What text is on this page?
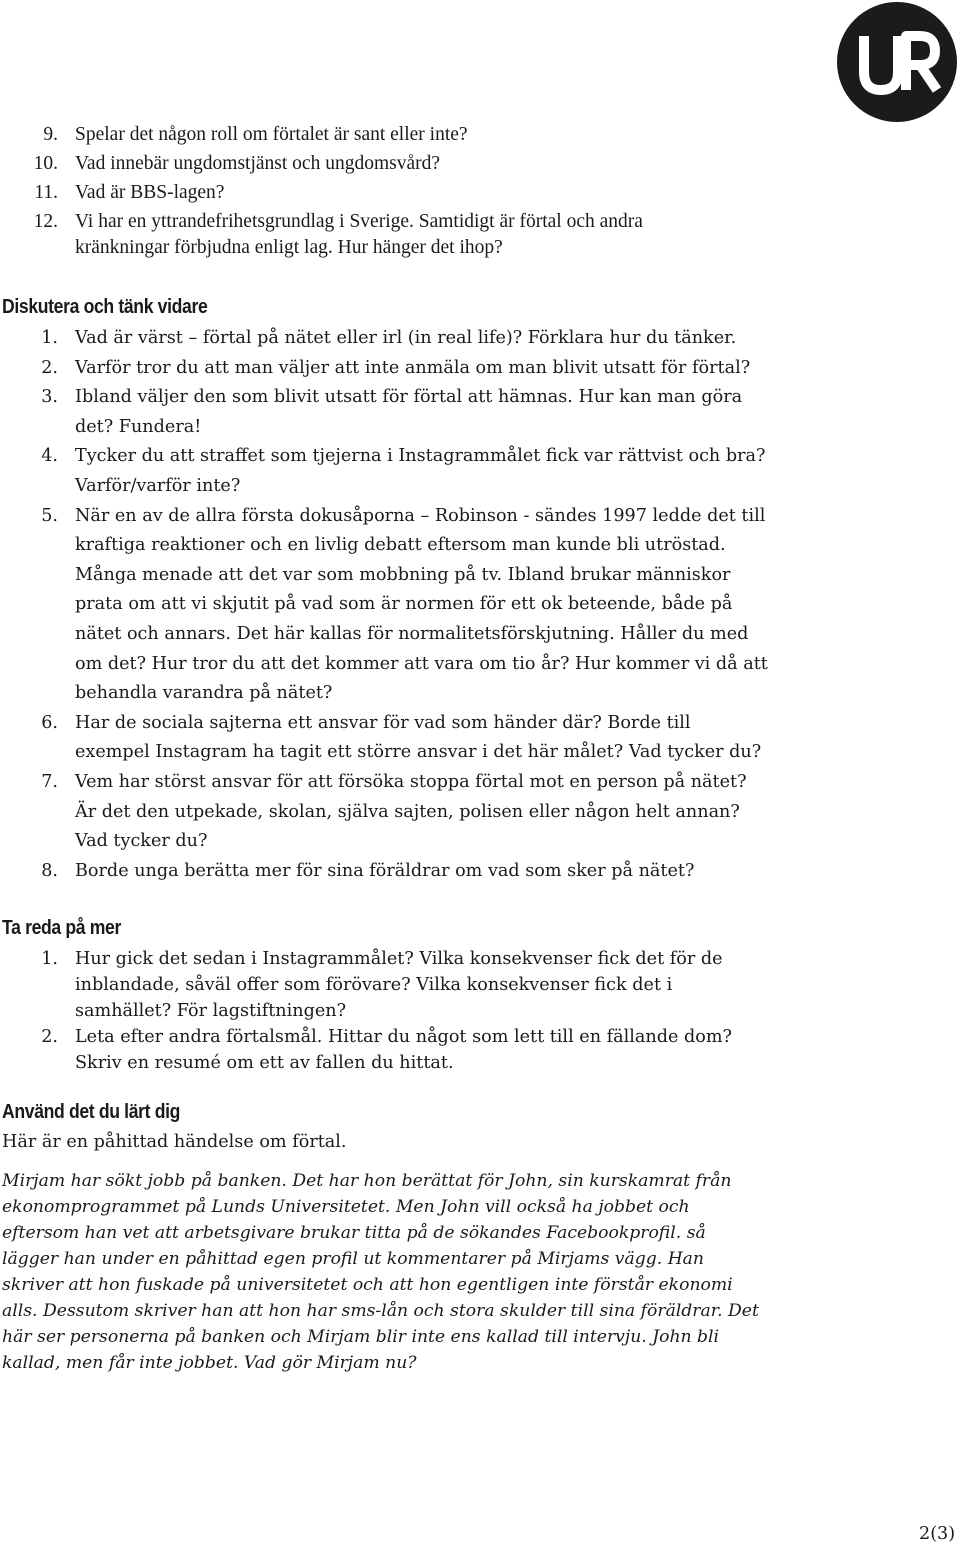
9. Spelar det någon roll om förtalet är sant eller inte?
10. Vad innebär ungdomstjänst och ungdomsvård?
11. Vad är BBS-lagen?
12. Vi har en yttrandefrihetsgrundlag i Sverige. Samtidigt är förtal och andra
kränkningar förbjudna enligt lag. Hur hänger det ihop?
Diskutera och tänk vidare
1. Vad är värst – förtal på nätet eller irl (in real life)? Förklara hur du tänker.
2. Varför tror du att man väljer att inte anmäla om man blivit utsatt för förtal?
3. Ibland väljer den som blivit utsatt för förtal att hämnas. Hur kan man göra
det? Fundera!
4. Tycker du att straffet som tjejerna i Instagrammålet fick var rättvist och bra?
Varför/varför inte?
5. När en av de allra första dokusåporna – Robinson - sändes 1997 ledde det till
kraftiga reaktioner och en livlig debatt eftersom man kunde bli utröstad.
Många menade att det var som mobbning på tv. Ibland brukar människor
prata om att vi skjutit på vad som är normen för ett ok beteende, både på
nätet och annars. Det här kallas för normalitetsförskjutning. Håller du med
om det? Hur tror du att det kommer att vara om tio år? Hur kommer vi då att
behandla varandra på nätet?
6. Har de sociala sajterna ett ansvar för vad som händer där? Borde till
exempel Instagram ha tagit ett större ansvar i det här målet? Vad tycker du?
7. Vem har störst ansvar för att försöka stoppa förtal mot en person på nätet?
Är det den utpekade, skolan, själva sajten, polisen eller någon helt annan?
Vad tycker du?
8. Borde unga berätta mer för sina föräldrar om vad som sker på nätet?
Ta reda på mer
1. Hur gick det sedan i Instagrammålet? Vilka konsekvenser fick det för de
inblandade, såväl offer som förövare? Vilka konsekvenser fick det i
samhället? För lagstiftningen?
2. Leta efter andra förtalsmål. Hittar du något som lett till en fällande dom?
Skriv en resumé om ett av fallen du hittat.
Använd det du lärt dig
Här är en påhittad händelse om förtal.
Mirjam har sökt jobb på banken. Det har hon berättat för John, sin kurskamrat från
ekonomprogrammet på Lunds Universitetet. Men John vill också ha jobbet och
eftersom han vet att arbetsgivare brukar titta på de sökandes Facebookprofil. så
lägger han under en påhittad egen profil ut kommentarer på Mirjams vägg. Han
skriver att hon fuskade på universitetet och att hon egentligen inte förstår ekonomi
alls. Dessutom skriver han att hon har sms-lån och stora skulder till sina föräldrar. Det
här ser personerna på banken och Mirjam blir inte ens kallad till intervju. John bli
kallad, men får inte jobbet. Vad gör Mirjam nu?
2(3)
